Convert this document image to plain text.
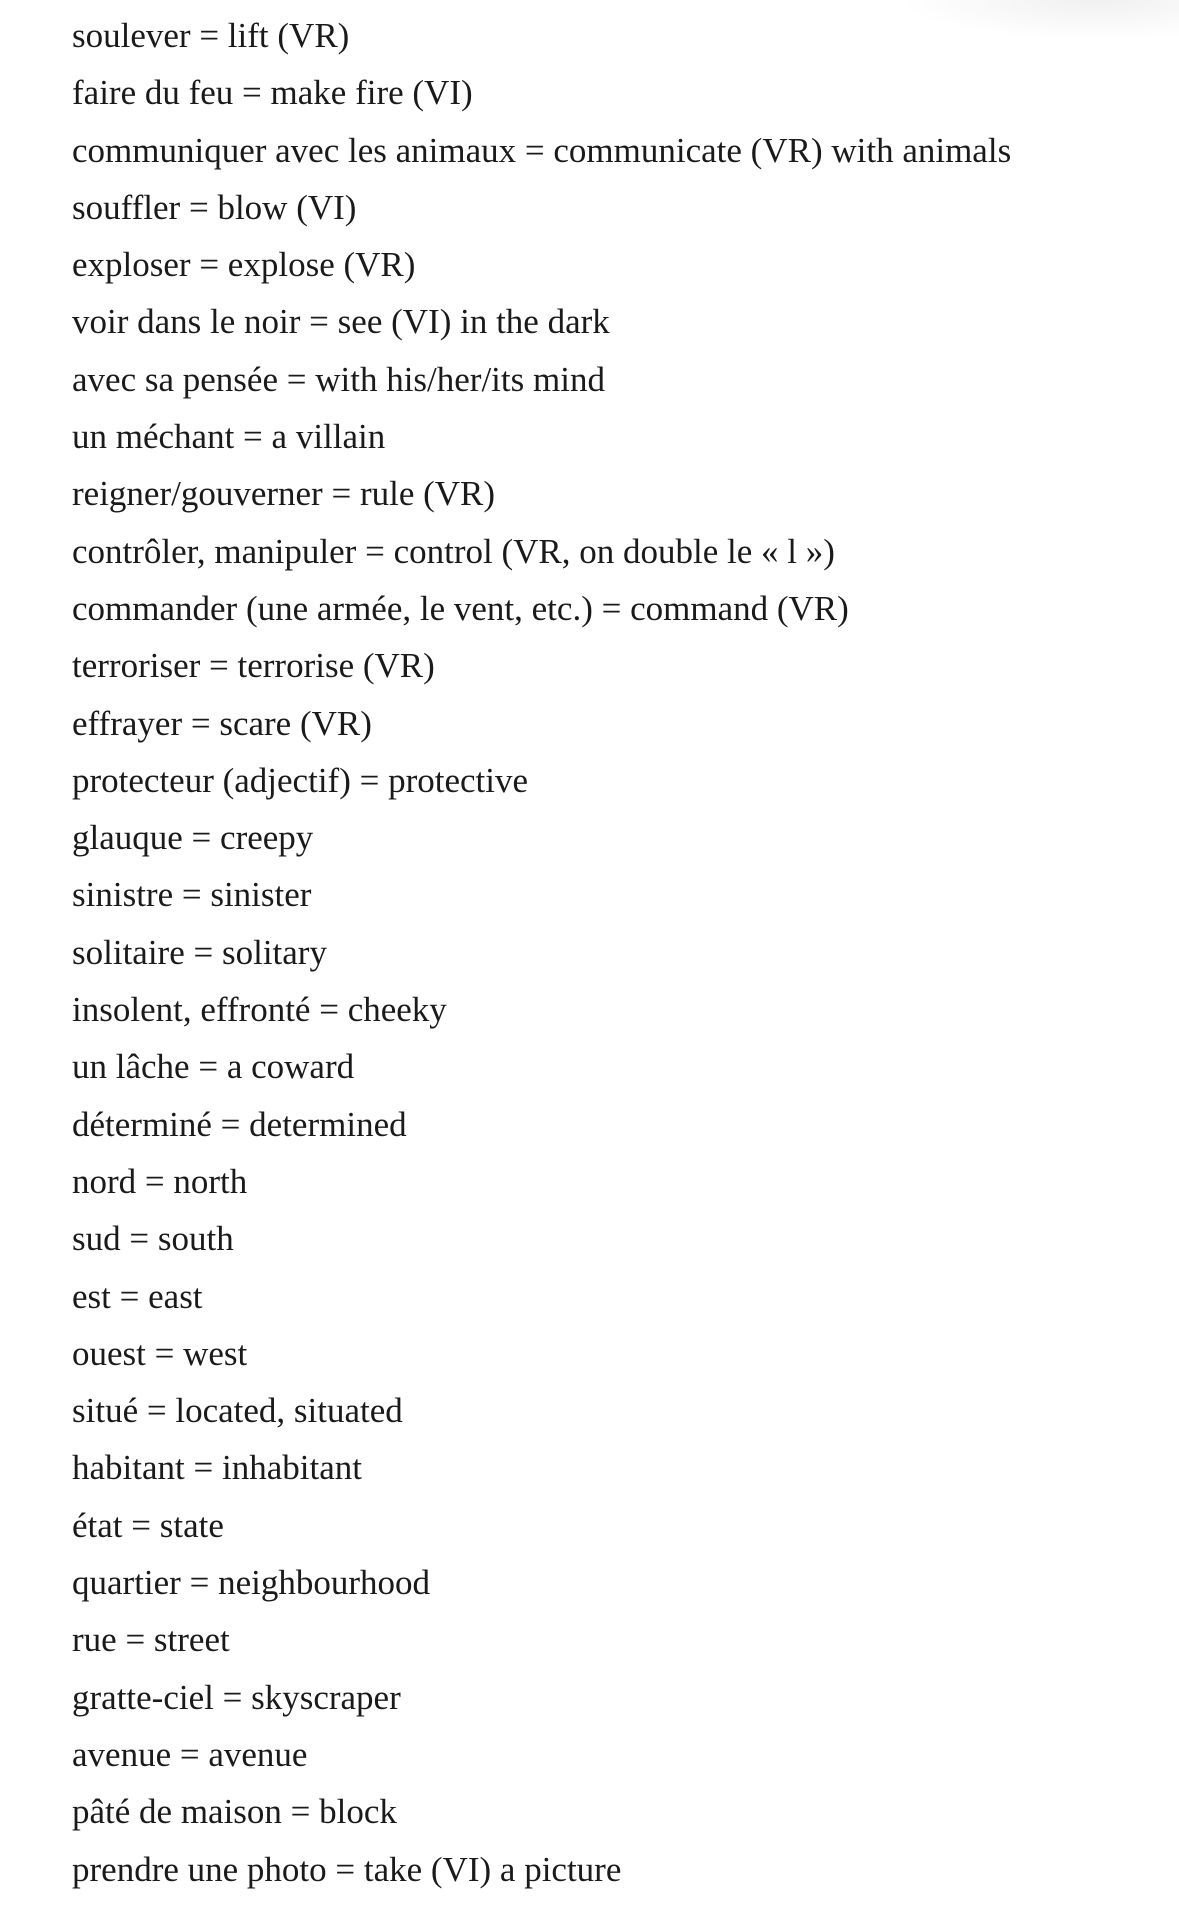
soulever = lift (VR)
faire du feu = make fire (VI)
communiquer avec les animaux = communicate (VR) with animals
souffler = blow (VI)
exploser = explose (VR)
voir dans le noir = see (VI) in the dark
avec sa pensée = with his/her/its mind
un méchant = a villain
reigner/gouverner = rule (VR)
contrôler, manipuler = control (VR, on double le « l »)
commander (une armée, le vent, etc.) = command (VR)
terroriser = terrorise (VR)
effrayer = scare (VR)
protecteur (adjectif) = protective
glauque = creepy
sinistre = sinister
solitaire = solitary
insolent, effronté = cheeky
un lâche = a coward
déterminé = determined
nord = north
sud = south
est = east
ouest = west
situé = located, situated
habitant = inhabitant
état = state
quartier = neighbourhood
rue = street
gratte-ciel = skyscraper
avenue = avenue
pâté de maison = block
prendre une photo = take (VI) a picture
